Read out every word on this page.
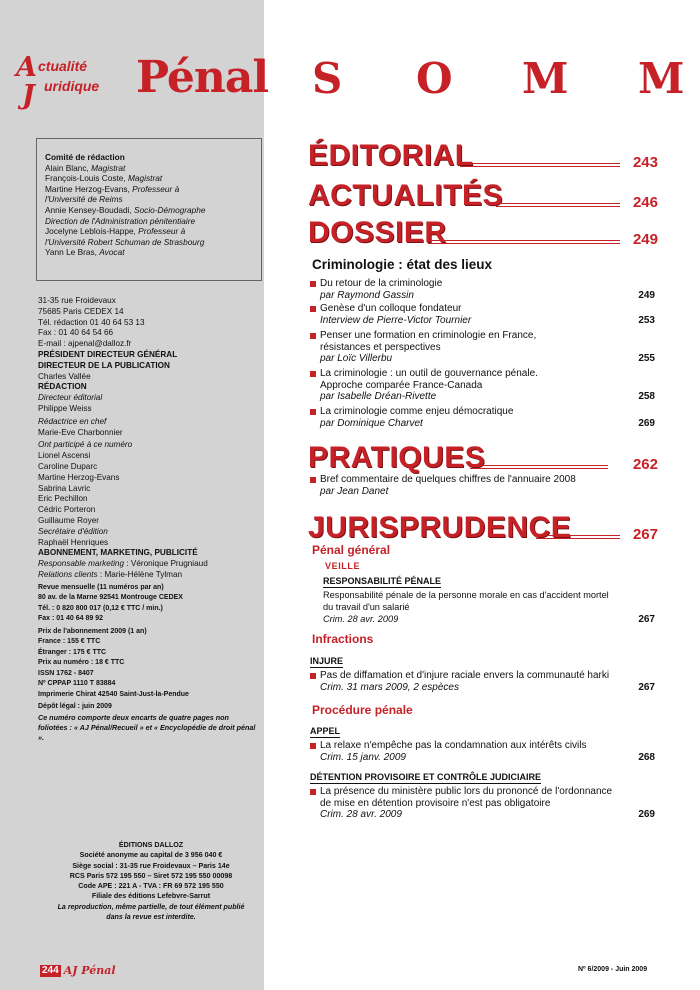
A ctualité
J uridique Pénal
Comité de rédaction
Alain Blanc, Magistrat
François-Louis Coste, Magistrat
Martine Herzog-Evans, Professeur à
l'Université de Reims
Annie Kensey-Boudadi, Socio-Démographe
Direction de l'Administration pénitentiaire
Jocelyne Leblois-Happe, Professeur à
l'Université Robert Schuman de Strasbourg
Yann Le Bras, Avocat
31-35 rue Froidevaux
75685 Paris CEDEX 14
Tél. rédaction 01 40 64 53 13
Fax : 01 40 64 54 66
E-mail : ajpenal@dalloz.fr
PRÉSIDENT DIRECTEUR GÉNÉRAL
DIRECTEUR DE LA PUBLICATION
Charles Vallée
RÉDACTION
Directeur éditorial
Philippe Weiss
Rédactrice en chef
Marie-Eve Charbonnier
Ont participé à ce numéro
Lionel Ascensi
Caroline Duparc
Martine Herzog-Evans
Sabrina Lavric
Eric Pechillon
Cédric Porteron
Guillaume Royer
Secrétaire d'édition
Raphaël Henriques
ABONNEMENT, MARKETING, PUBLICITÉ
Responsable marketing : Véronique Prugniaud
Relations clients : Marie-Hélène Tylman
Revue mensuelle (11 numéros par an)
80 av. de la Marne 92541 Montrouge CEDEX
Tél. : 0 820 800 017 (0,12 € TTC / min.)
Fax : 01 40 64 89 92
Prix de l'abonnement 2009 (1 an)
France : 155 € TTC
Étranger : 175 € TTC
Prix au numéro : 18 € TTC
ISSN 1762 - 8407
Nº CPPAP 1110 T 83884
Imprimerie Chirat 42540 Saint-Just-la-Pendue
Dépôt légal : juin 2009
Ce numéro comporte deux encarts de quatre pages non foliotées : « AJ Pénal/Recueil » et « Encyclopédie de droit pénal ».
ÉDITIONS DALLOZ
Société anonyme au capital de 3 956 040 €
Siège social : 31-35 rue Froidevaux – Paris 14e
RCS Paris 572 195 550 – Siret 572 195 550 00098
Code APE : 221 A - TVA : FR 69 572 195 550
Filiale des éditions Lefebvre-Sarrut
La reproduction, même partielle, de tout élément publié dans la revue est interdite.
244 AJ Pénal
S O M M
ÉDITORIAL	243
ACTUALITÉS	246
DOSSIER	249
Criminologie : état des lieux
Du retour de la criminologie
par Raymond Gassin	249
Genèse d'un colloque fondateur
Interview de Pierre-Victor Tournier	253
Penser une formation en criminologie en France,
résistances et perspectives
par Loïc Villerbu	255
La criminologie : un outil de gouvernance pénale.
Approche comparée France-Canada
par Isabelle Dréan-Rivette	258
La criminologie comme enjeu démocratique
par Dominique Charvet	269
PRATIQUES	262
Bref commentaire de quelques chiffres de l'annuaire 2008
par Jean Danet
JURISPRUDENCE	267
Pénal général
VEILLE
RESPONSABILITÉ PÉNALE
Responsabilité pénale de la personne morale en cas d'accident mortel
du travail d'un salarié
Crim. 28 avr. 2009	267
Infractions
INJURE
Pas de diffamation et d'injure raciale envers la communauté harki
Crim. 31 mars 2009, 2 espèces	267
Procédure pénale
APPEL
La relaxe n'empêche pas la condamnation aux intérêts civils
Crim. 15 janv. 2009	268
DÉTENTION PROVISOIRE ET CONTRÔLE JUDICIAIRE
La présence du ministère public lors du prononcé de l'ordonnance
de mise en détention provisoire n'est pas obligatoire
Crim. 28 avr. 2009	269
Nº 6/2009 - Juin 2009
